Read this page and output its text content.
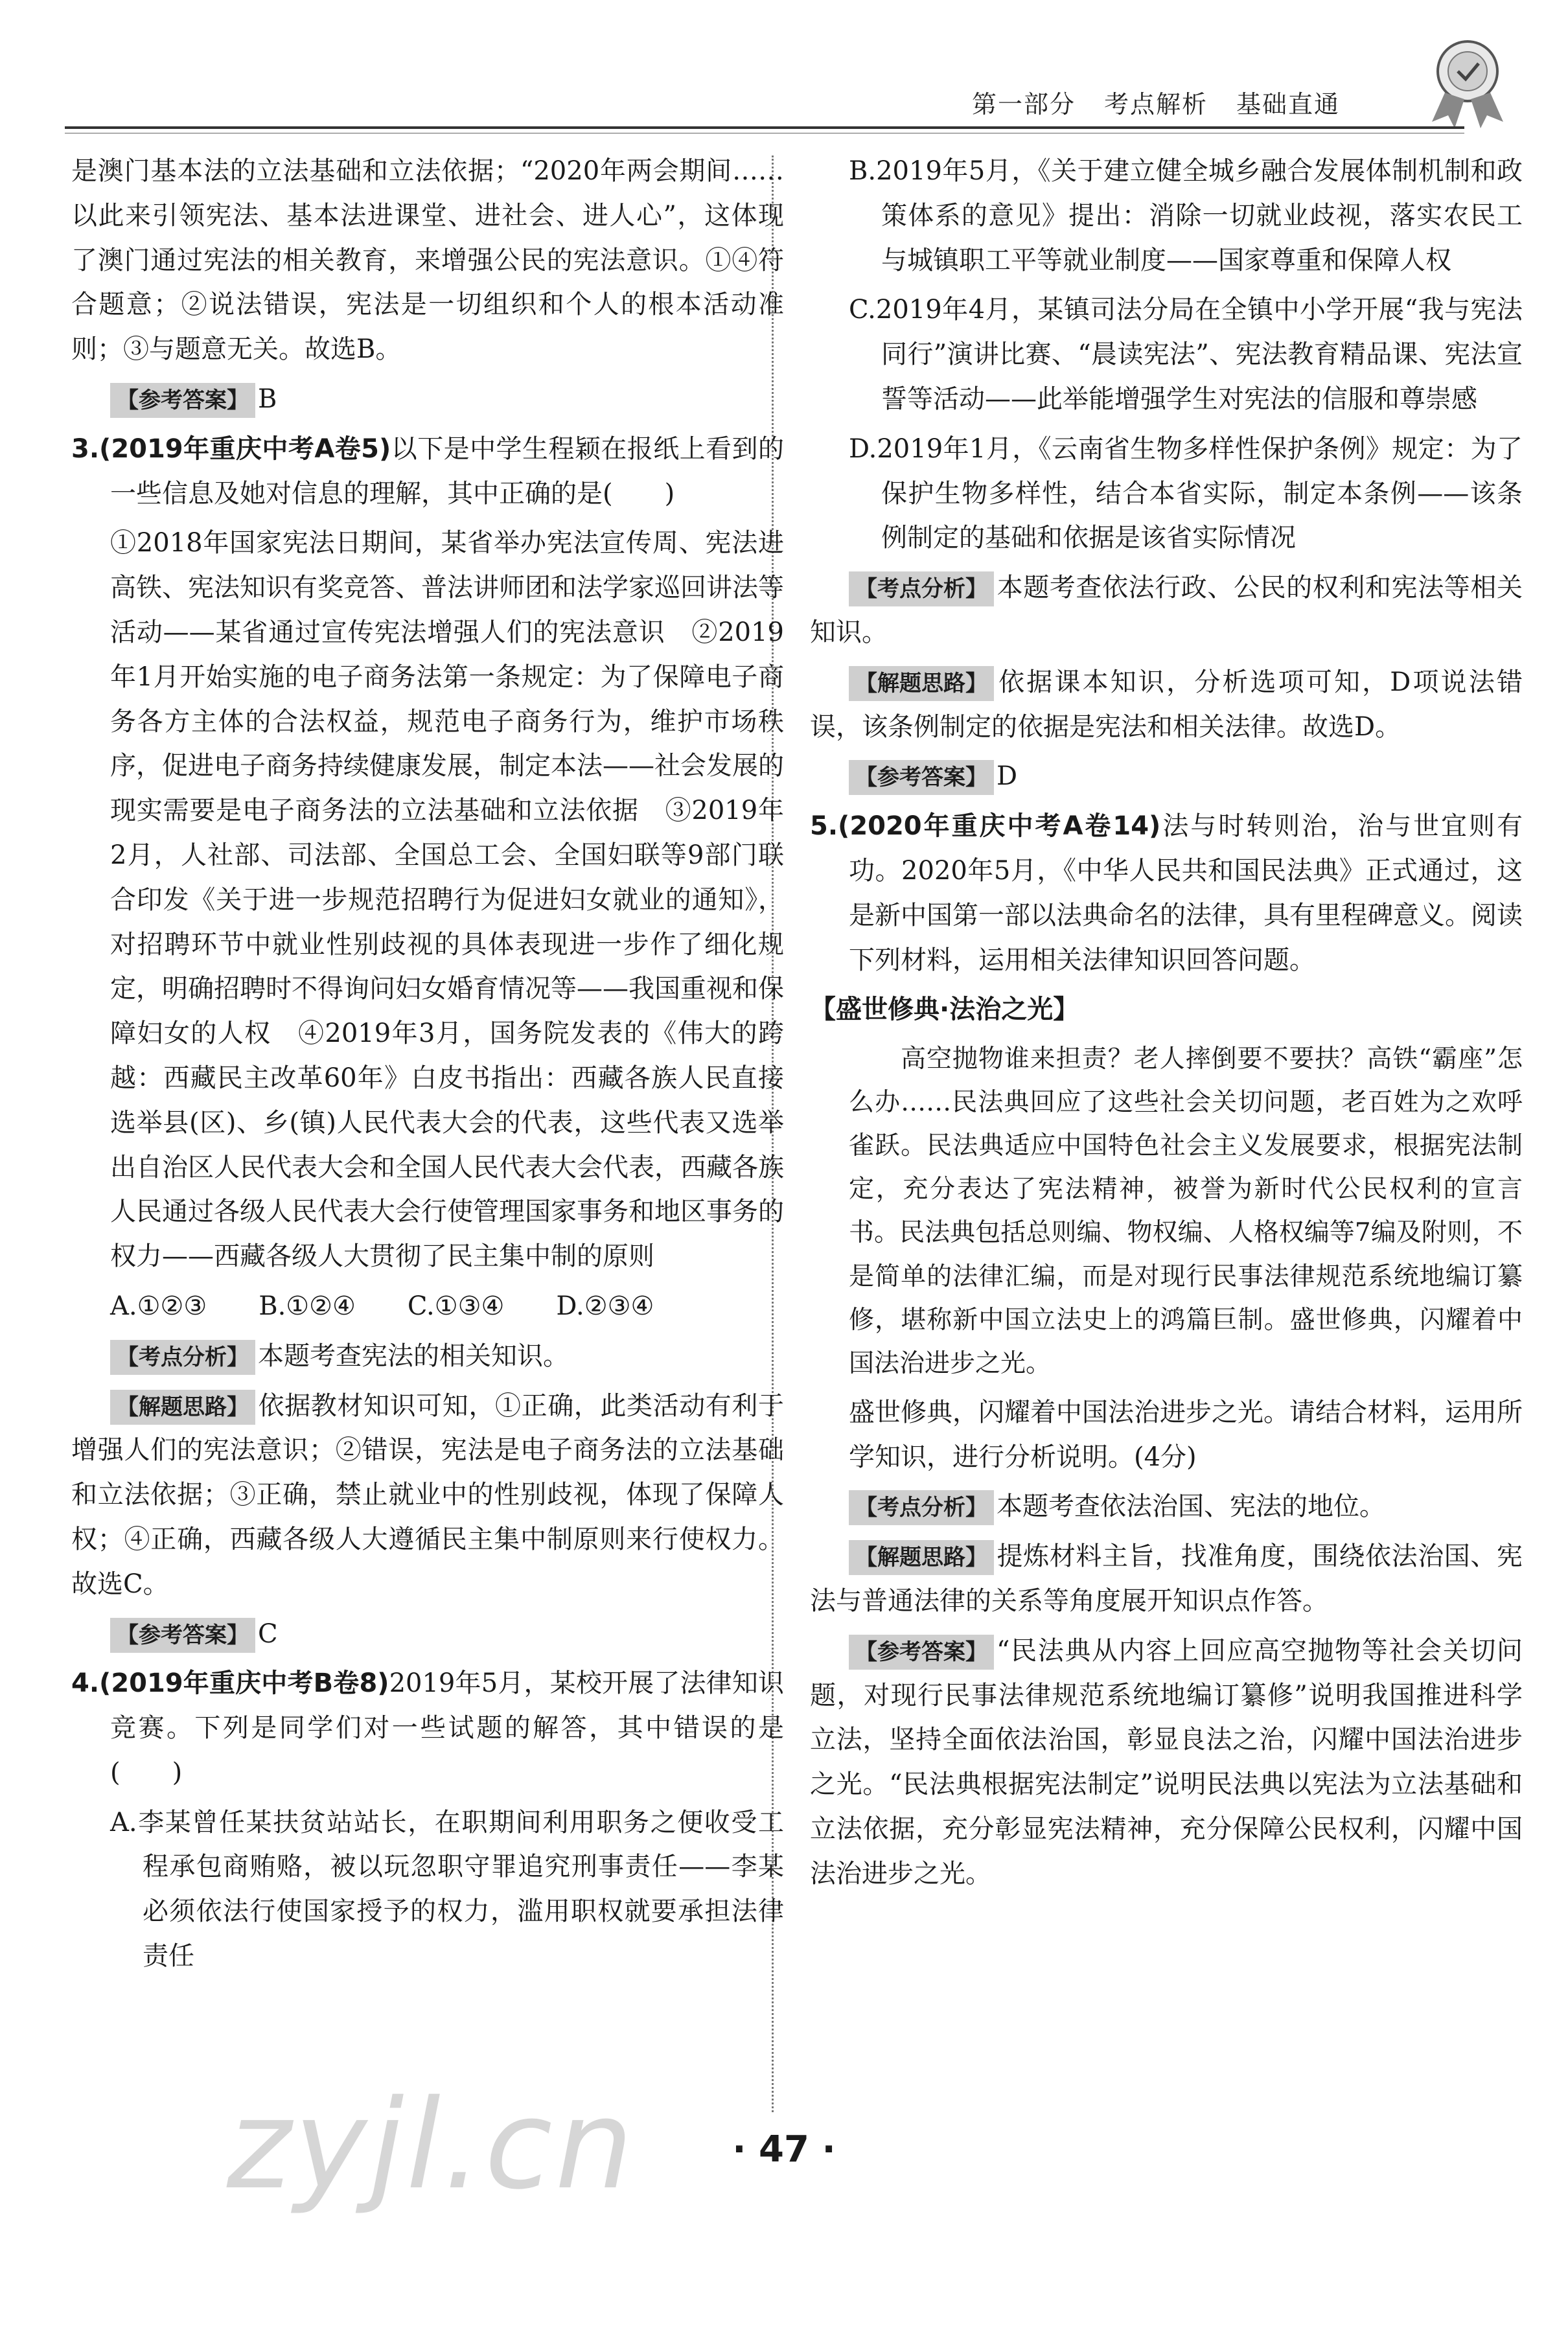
第一部分 考点解析 基础直通

是澳门基本法的立法基础和立法依据；“2020年两会期间……以此来引领宪法、基本法进课堂、进社会、进人心”，这体现了澳门通过宪法的相关教育，来增强公民的宪法意识。①④符合题意；②说法错误，宪法是一切组织和个人的根本活动准则；③与题意无关。故选B。

【参考答案】 B

3.(2019年重庆中考A卷5)以下是中学生程颖在报纸上看到的一些信息及她对信息的理解，其中正确的是(　　)

①2018年国家宪法日期间，某省举办宪法宣传周、宪法进高铁、宪法知识有奖竞答、普法讲师团和法学家巡回讲法等活动——某省通过宣传宪法增强人们的宪法意识　②2019年1月开始实施的电子商务法第一条规定：为了保障电子商务各方主体的合法权益，规范电子商务行为，维护市场秩序，促进电子商务持续健康发展，制定本法——社会发展的现实需要是电子商务法的立法基础和立法依据　③2019年2月，人社部、司法部、全国总工会、全国妇联等9部门联合印发《关于进一步规范招聘行为促进妇女就业的通知》，对招聘环节中就业性别歧视的具体表现进一步作了细化规定，明确招聘时不得询问妇女婚育情况等——我国重视和保障妇女的人权　④2019年3月，国务院发表的《伟大的跨越：西藏民主改革60年》白皮书指出：西藏各族人民直接选举县(区)、乡(镇)人民代表大会的代表，这些代表又选举出自治区人民代表大会和全国人民代表大会代表，西藏各族人民通过各级人民代表大会行使管理国家事务和地区事务的权力——西藏各级人大贯彻了民主集中制的原则

A.①②③ B.①②④ C.①③④ D.②③④

【考点分析】 本题考查宪法的相关知识。

【解题思路】 依据教材知识可知，①正确，此类活动有利于增强人们的宪法意识；②错误，宪法是电子商务法的立法基础和立法依据；③正确，禁止就业中的性别歧视，体现了保障人权；④正确，西藏各级人大遵循民主集中制原则来行使权力。故选C。

【参考答案】 C

4.(2019年重庆中考B卷8)2019年5月，某校开展了法律知识竞赛。下列是同学们对一些试题的解答，其中错误的是(　　)

A.李某曾任某扶贫站站长，在职期间利用职务之便收受工程承包商贿赂，被以玩忽职守罪追究刑事责任——李某必须依法行使国家授予的权力，滥用职权就要承担法律责任

B.2019年5月，《关于建立健全城乡融合发展体制机制和政策体系的意见》提出：消除一切就业歧视，落实农民工与城镇职工平等就业制度——国家尊重和保障人权

C.2019年4月，某镇司法分局在全镇中小学开展“我与宪法同行”演讲比赛、“晨读宪法”、宪法教育精品课、宪法宣誓等活动——此举能增强学生对宪法的信服和尊崇感

D.2019年1月，《云南省生物多样性保护条例》规定：为了保护生物多样性，结合本省实际，制定本条例——该条例制定的基础和依据是该省实际情况

【考点分析】 本题考查依法行政、公民的权利和宪法等相关知识。

【解题思路】 依据课本知识，分析选项可知，D项说法错误，该条例制定的依据是宪法和相关法律。故选D。

【参考答案】 D

5.(2020年重庆中考A卷14)法与时转则治，治与世宜则有功。2020年5月，《中华人民共和国民法典》正式通过，这是新中国第一部以法典命名的法律，具有里程碑意义。阅读下列材料，运用相关法律知识回答问题。

【盛世修典·法治之光】

高空抛物谁来担责？老人摔倒要不要扶？高铁“霸座”怎么办……民法典回应了这些社会关切问题，老百姓为之欢呼雀跃。民法典适应中国特色社会主义发展要求，根据宪法制定，充分表达了宪法精神，被誉为新时代公民权利的宣言书。民法典包括总则编、物权编、人格权编等7编及附则，不是简单的法律汇编，而是对现行民事法律规范系统地编订纂修，堪称新中国立法史上的鸿篇巨制。盛世修典，闪耀着中国法治进步之光。

盛世修典，闪耀着中国法治进步之光。请结合材料，运用所学知识，进行分析说明。(4分)

【考点分析】 本题考查依法治国、宪法的地位。

【解题思路】 提炼材料主旨，找准角度，围绕依法治国、宪法与普通法律的关系等角度展开知识点作答。

【参考答案】 “民法典从内容上回应高空抛物等社会关切问题，对现行民事法律规范系统地编订纂修”说明我国推进科学立法，坚持全面依法治国，彰显良法之治，闪耀中国法治进步之光。“民法典根据宪法制定”说明民法典以宪法为立法基础和立法依据，充分彰显宪法精神，充分保障公民权利，闪耀中国法治进步之光。

zyjl.cn	· 47 ·
